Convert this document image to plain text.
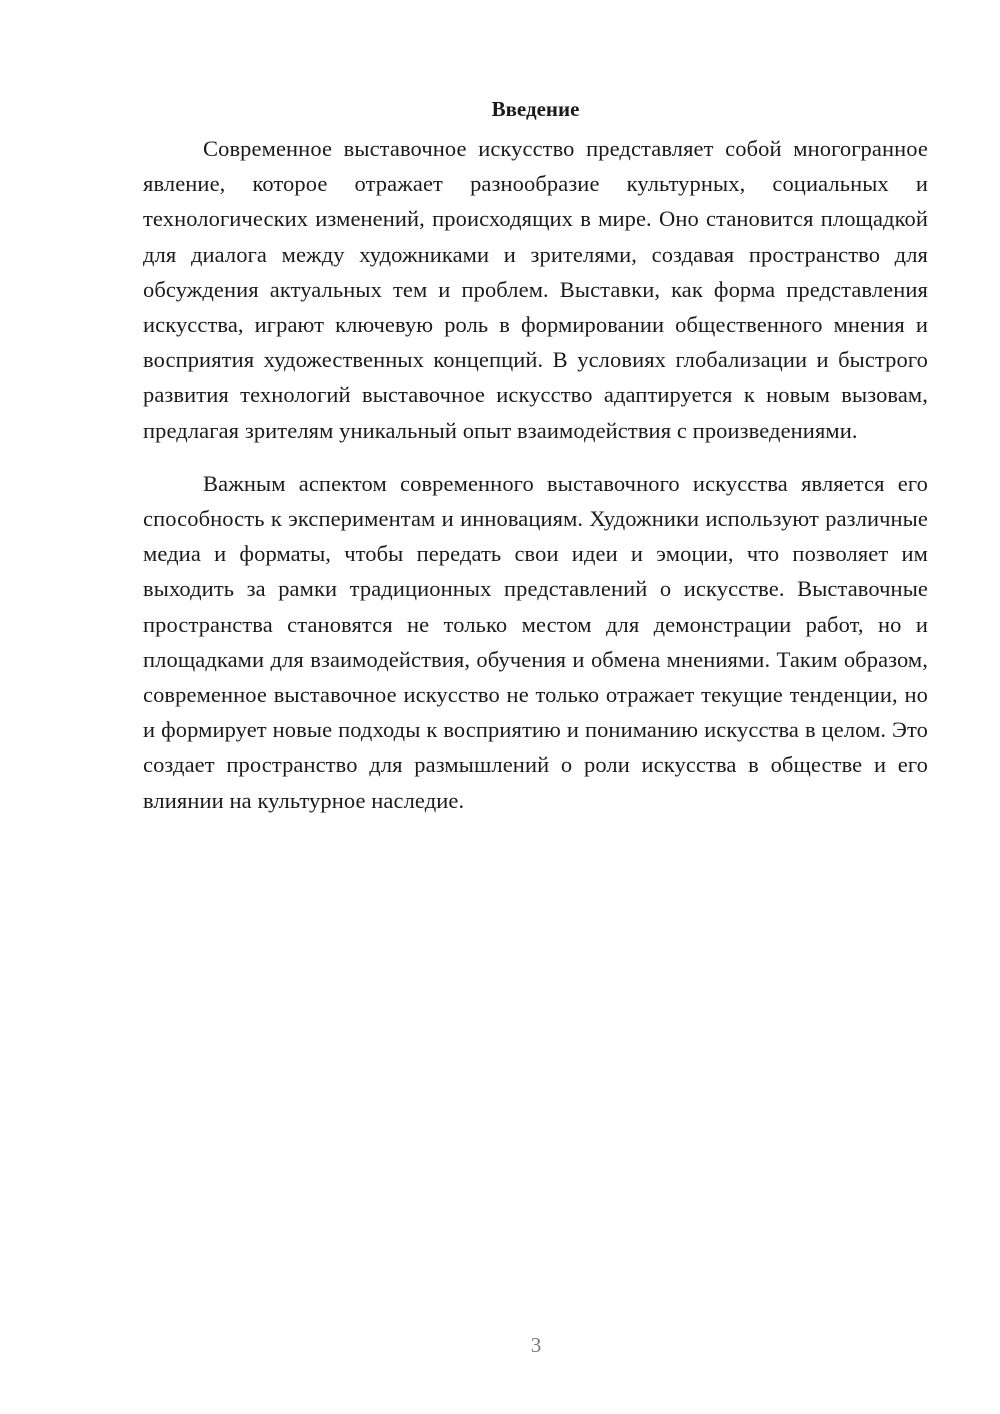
Введение

Современное выставочное искусство представляет собой многогранное явление, которое отражает разнообразие культурных, социальных и технологических изменений, происходящих в мире. Оно становится площадкой для диалога между художниками и зрителями, создавая пространство для обсуждения актуальных тем и проблем. Выставки, как форма представления искусства, играют ключевую роль в формировании общественного мнения и восприятия художественных концепций. В условиях глобализации и быстрого развития технологий выставочное искусство адаптируется к новым вызовам, предлагая зрителям уникальный опыт взаимодействия с произведениями.

Важным аспектом современного выставочного искусства является его способность к экспериментам и инновациям. Художники используют различные медиа и форматы, чтобы передать свои идеи и эмоции, что позволяет им выходить за рамки традиционных представлений о искусстве. Выставочные пространства становятся не только местом для демонстрации работ, но и площадками для взаимодействия, обучения и обмена мнениями. Таким образом, современное выставочное искусство не только отражает текущие тенденции, но и формирует новые подходы к восприятию и пониманию искусства в целом. Это создает пространство для размышлений о роли искусства в обществе и его влиянии на культурное наследие.

3
